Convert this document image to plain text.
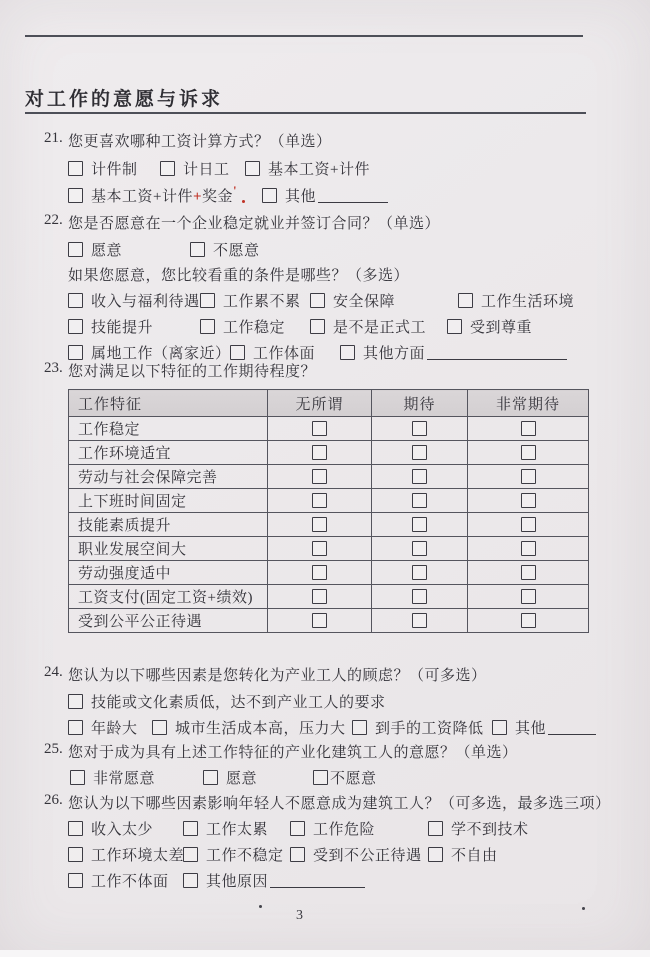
对工作的意愿与诉求
21. 您更喜欢哪种工资计算方式？（单选）
计件制	计日工	基本工资+计件
基本工资+计件+奖金'	其他
22. 您是否愿意在一个企业稳定就业并签订合同？（单选）
愿意	不愿意
如果您愿意，您比较看重的条件是哪些？（多选）
收入与福利待遇 工作累不累 安全保障	工作生活环境
技能提升	工作稳定	是不是正式工	受到尊重
属地工作（离家近） 工作体面	其他方面
23. 您对满足以下特征的工作期待程度？
工作特征	无所谓	期待	非常期待
工作稳定			
工作环境适宜			
劳动与社会保障完善			
上下班时间固定			
技能素质提升			
职业发展空间大			
劳动强度适中			
工资支付(固定工资+绩效)			
受到公平公正待遇			
24. 您认为以下哪些因素是您转化为产业工人的顾虑？（可多选）
技能或文化素质低，达不到产业工人的要求
年龄大 城市生活成本高，压力大 到手的工资降低 其他
25. 您对于成为具有上述工作特征的产业化建筑工人的意愿？（单选）
非常愿意	愿意	不愿意
26. 您认为以下哪些因素影响年轻人不愿意成为建筑工人？（可多选，最多选三项）
收入太少	工作太累	工作危险	学不到技术
工作环境太差 工作不稳定 受到不公正待遇 不自由
工作不体面 其他原因
3
